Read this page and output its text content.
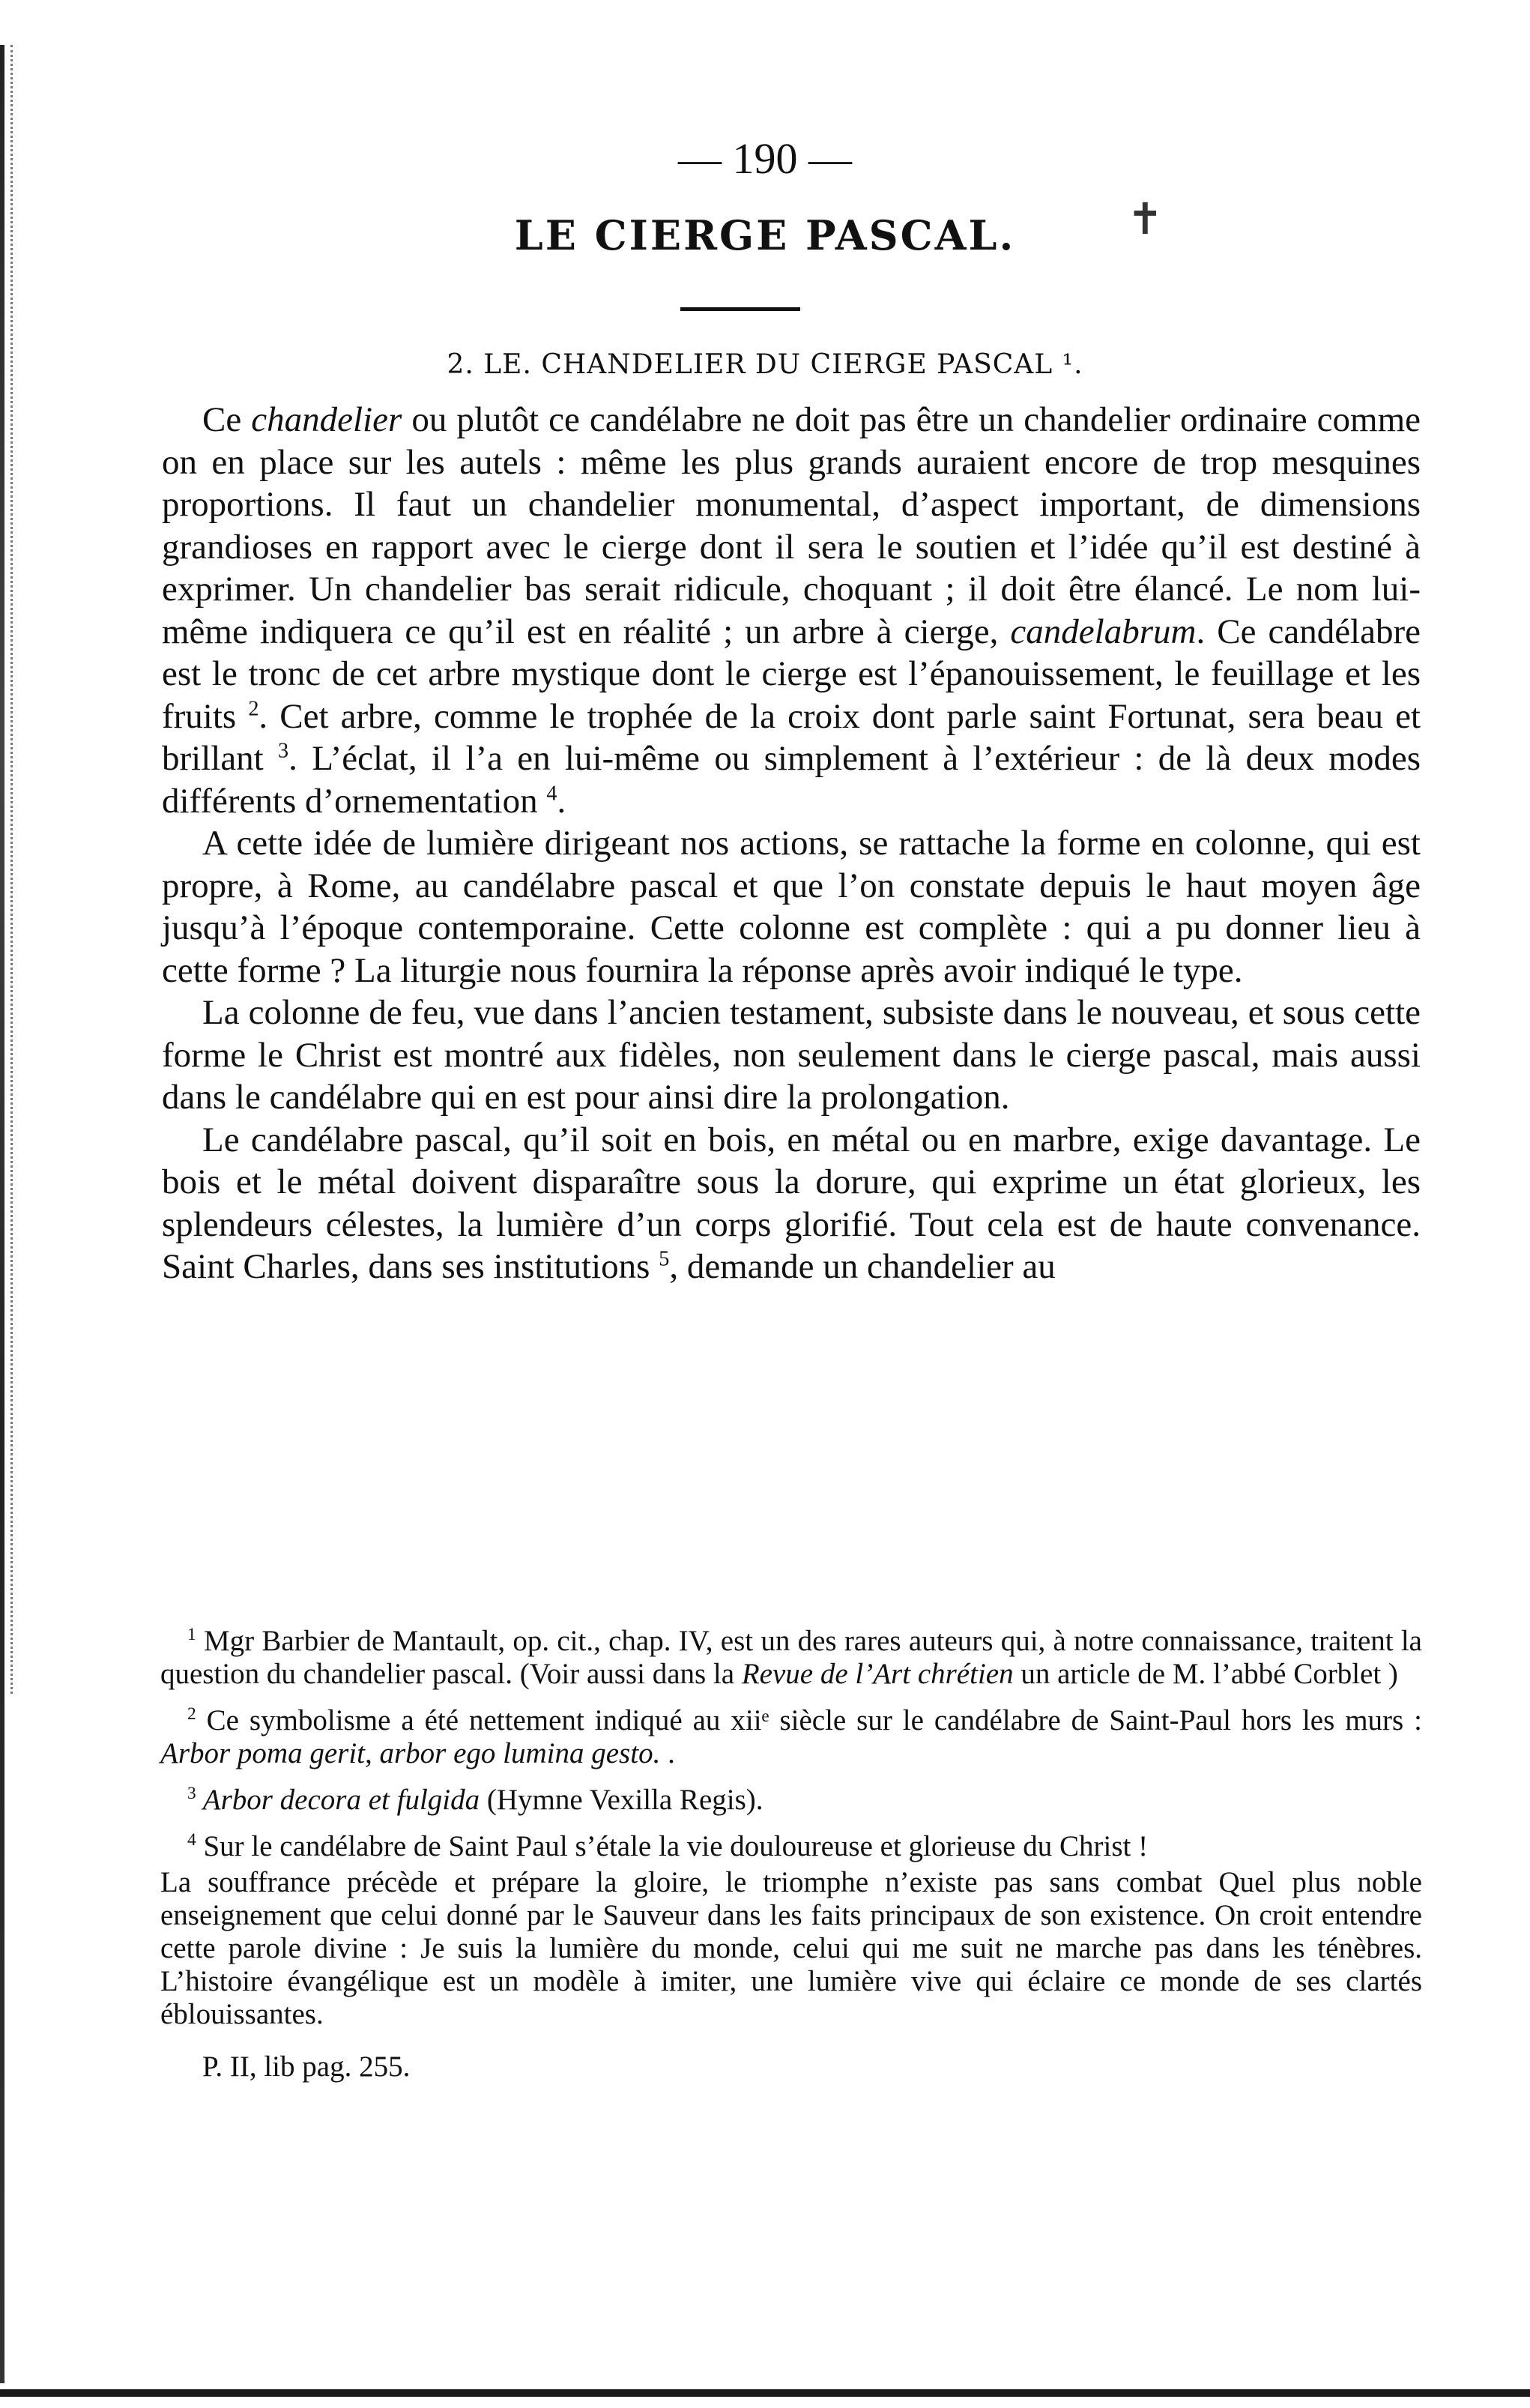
— 190 —
LE CIERGE PASCAL.	✝
2. LE. CHANDELIER DU CIERGE PASCAL ¹.

Ce chandelier ou plutôt ce candélabre ne doit pas être un chandelier ordinaire comme on en place sur les autels : même les plus grands auraient encore de trop mesquines proportions. Il faut un chandelier monumental, d’aspect important, de dimensions grandioses en rapport avec le cierge dont il sera le soutien et l’idée qu’il est destiné à exprimer. Un chandelier bas serait ridicule, choquant ; il doit être élancé. Le nom lui-même indiquera ce qu’il est en réalité ; un arbre à cierge, candelabrum. Ce candélabre est le tronc de cet arbre mystique dont le cierge est l’épanouissement, le feuillage et les fruits $^2$. Cet arbre, comme le trophée de la croix dont parle saint Fortunat, sera beau et brillant $^3$. L’éclat, il l’a en lui-même ou simplement à l’extérieur : de là deux modes différents d’ornementation $^4$.

A cette idée de lumière dirigeant nos actions, se rattache la forme en colonne, qui est propre, à Rome, au candélabre pascal et que l’on constate depuis le haut moyen âge jusqu’à l’époque contemporaine. Cette colonne est complète : qui a pu donner lieu à cette forme ? La liturgie nous fournira la réponse après avoir indiqué le type.

La colonne de feu, vue dans l’ancien testament, subsiste dans le nouveau, et sous cette forme le Christ est montré aux fidèles, non seulement dans le cierge pascal, mais aussi dans le candélabre qui en est pour ainsi dire la prolongation.

Le candélabre pascal, qu’il soit en bois, en métal ou en marbre, exige davantage. Le bois et le métal doivent disparaître sous la dorure, qui exprime un état glorieux, les splendeurs célestes, la lumière d’un corps glorifié. Tout cela est de haute convenance. Saint Charles, dans ses institutions $^5$, demande un chandelier au

$^1$ Mgr Barbier de Mantault, op. cit., chap. IV, est un des rares auteurs qui, à notre connaissance, traitent la question du chandelier pascal. (Voir aussi dans la Revue de l’Art chrétien un article de M. l’abbé Corblet )

$^2$ Ce symbolisme a été nettement indiqué au xiiᵉ siècle sur le candélabre de Saint-Paul hors les murs : Arbor poma gerit, arbor ego lumina gesto. .

$^3$ Arbor decora et fulgida (Hymne Vexilla Regis).

$^4$ Sur le candélabre de Saint Paul s’étale la vie douloureuse et glorieuse du Christ !

La souffrance précède et prépare la gloire, le triomphe n’existe pas sans combat Quel plus noble enseignement que celui donné par le Sauveur dans les faits principaux de son existence. On croit entendre cette parole divine : Je suis la lumière du monde, celui qui me suit ne marche pas dans les ténèbres. L’histoire évangélique est un modèle à imiter, une lumière vive qui éclaire ce monde de ses clartés éblouissantes.

P. II, lib pag. 255.
